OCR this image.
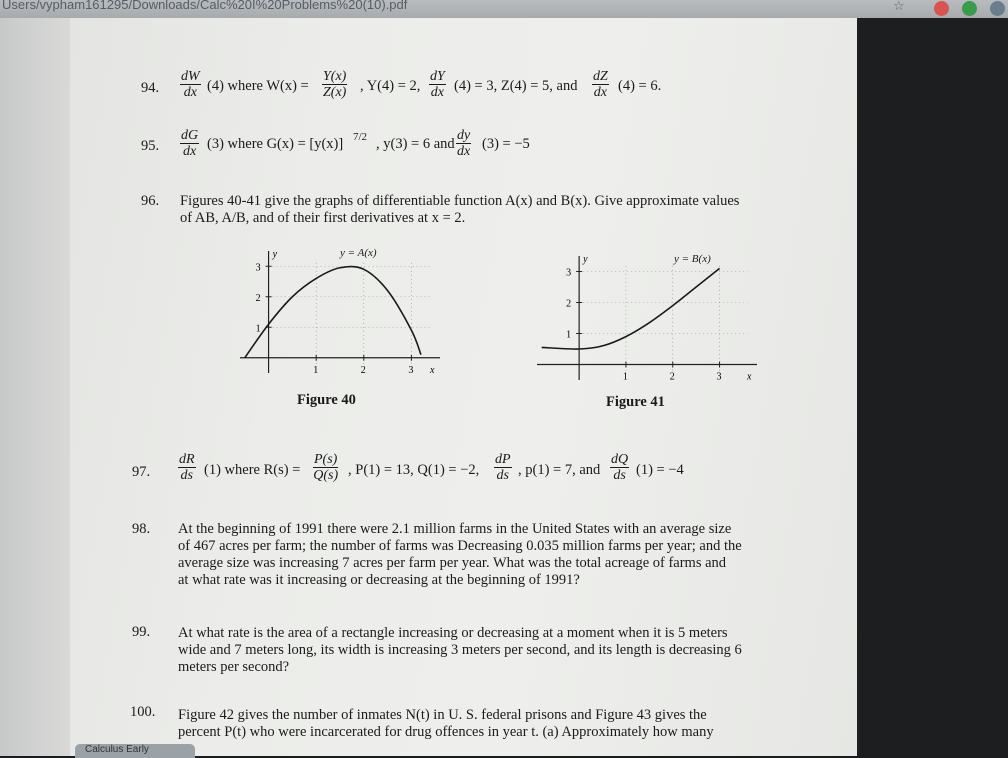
Users/vypham161295/Downloads/Calc%20I%20Problems%20(10).pdf	☆
94. $\frac{dW}{dx} (4)$ where $W(x) = \frac{Y(x)}{Z(x)}$ , Y(4) = 2, $\frac{dY}{dx} (4) = 3$, Z(4) = 5, and $\frac{dZ}{dx} (4) = 6$.
95. $\frac{dG}{dx} (3)$ where G(x) = [y(x)] 7/2 , y(3) = 6 and $\frac{dy}{dx} (3) = -5$
96. Figures 40-41 give the graphs of differentiable function A(x) and B(x). Give approximate values
of AB, A/B, and of their first derivatives at x = 2.
1	2	3
1
2
3
y
x
Figure 40
y = A(x)
1	2	3
1
2
3
y
x
Figure 41
y = B(x)
97. $\frac{dR}{ds} (1)$ where $R(s) = \frac{P(s)}{Q(s)}$ , P(1) = 13, Q(1) = −2, $\frac{dP}{ds}$ , p(1) = 7, and $\frac{dQ}{ds} (1) = -4$
98. At the beginning of 1991 there were 2.1 million farms in the United States with an average size
of 467 acres per farm; the number of farms was Decreasing 0.035 million farms per year; and the
average size was increasing 7 acres per farm per year. What was the total acreage of farms and
at what rate was it increasing or decreasing at the beginning of 1991?
99. At what rate is the area of a rectangle increasing or decreasing at a moment when it is 5 meters
wide and 7 meters long, its width is increasing 3 meters per second, and its length is decreasing 6
meters per second?
100. Figure 42 gives the number of inmates N(t) in U. S. federal prisons and Figure 43 gives the
percent P(t) who were incarcerated for drug offences in year t. (a) Approximately how many
Calculus Early
